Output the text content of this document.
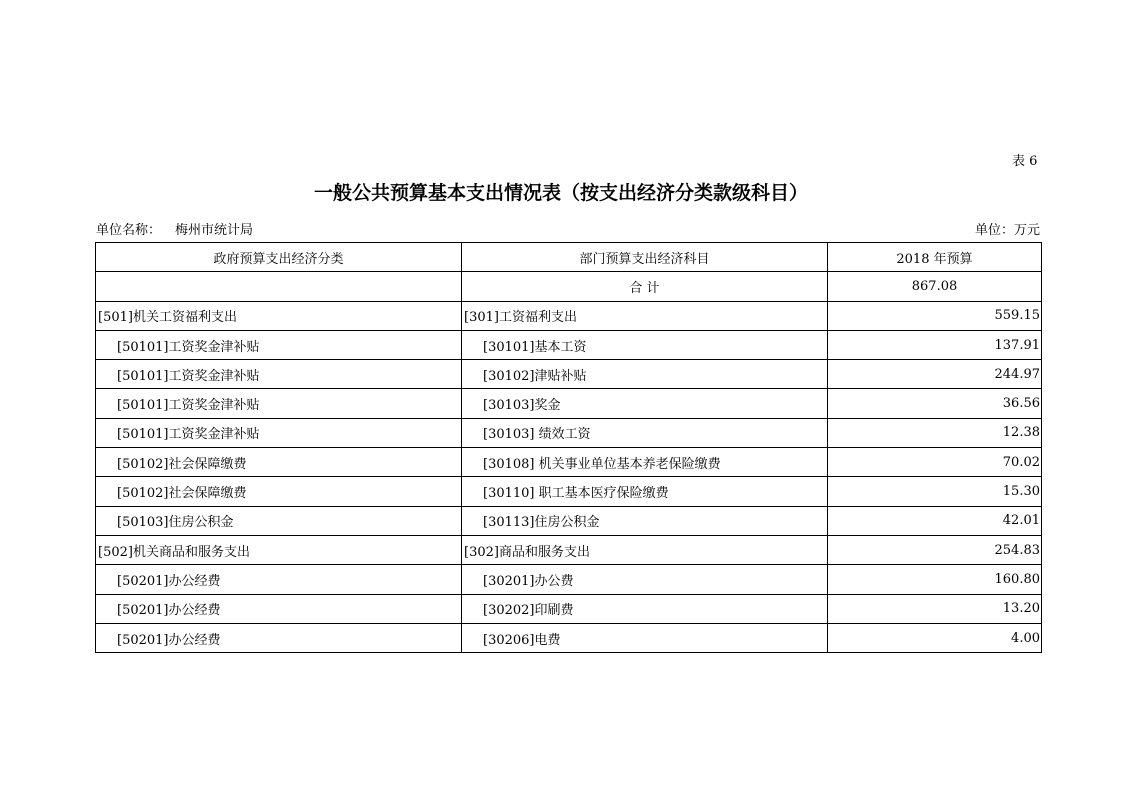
表 6
一般公共预算基本支出情况表（按支出经济分类款级科目）
单位名称： 梅州市统计局	单位：万元
政府预算支出经济分类	部门预算支出经济科目	2018 年预算
	合 计	867.08
[501]机关工资福利支出	[301]工资福利支出	559.15
[50101]工资奖金津补贴	[30101]基本工资	137.91
[50101]工资奖金津补贴	[30102]津贴补贴	244.97
[50101]工资奖金津补贴	[30103]奖金	36.56
[50101]工资奖金津补贴	[30103] 绩效工资	12.38
[50102]社会保障缴费	[30108] 机关事业单位基本养老保险缴费	70.02
[50102]社会保障缴费	[30110] 职工基本医疗保险缴费	15.30
[50103]住房公积金	[30113]住房公积金	42.01
[502]机关商品和服务支出	[302]商品和服务支出	254.83
[50201]办公经费	[30201]办公费	160.80
[50201]办公经费	[30202]印刷费	13.20
[50201]办公经费	[30206]电费	4.00
